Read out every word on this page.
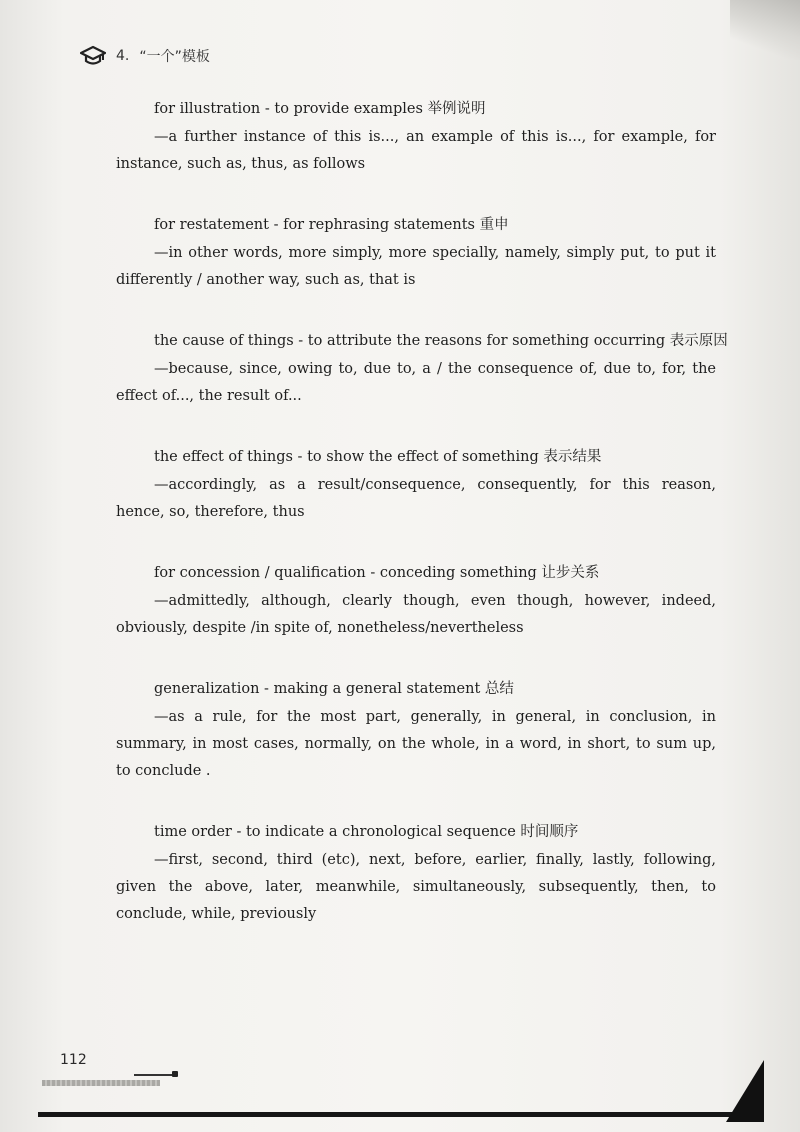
4. “一个”模板
for illustration - to provide examples 举例说明

—a further instance of this is..., an example of this is..., for example, for instance, such as, thus, as follows

for restatement - for rephrasing statements 重申

—in other words, more simply, more specially, namely, simply put, to put it differently / another way, such as, that is

the cause of things - to attribute the reasons for something occurring 表示原因

—because, since, owing to, due to, a / the consequence of, due to, for, the effect of..., the result of...

the effect of things - to show the effect of something 表示结果

—accordingly, as a result/consequence, consequently, for this reason, hence, so, therefore, thus

for concession / qualification - conceding something 让步关系

—admittedly, although, clearly though, even though, however, indeed, obviously, despite /in spite of, nonetheless/nevertheless

generalization - making a general statement 总结

—as a rule, for the most part, generally, in general, in conclusion, in summary, in most cases, normally, on the whole, in a word, in short, to sum up, to conclude .

time order - to indicate a chronological sequence 时间顺序

—first, second, third (etc), next, before, earlier, finally, lastly, following, given the above, later, meanwhile, simultaneously, subsequently, then, to conclude, while, previously

112
